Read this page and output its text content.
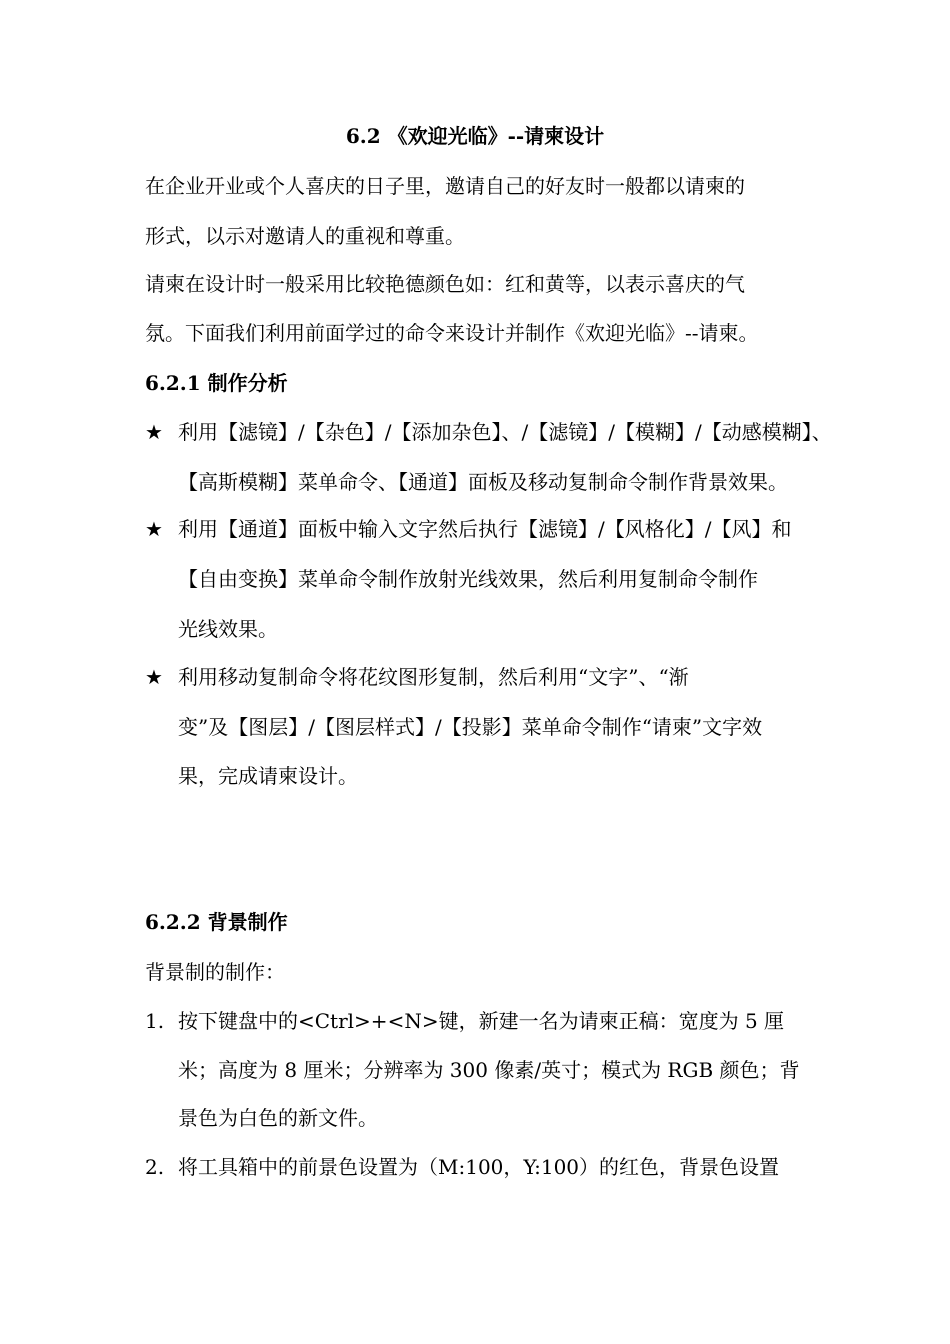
6.2 《欢迎光临》--请柬设计
在企业开业或个人喜庆的日子里，邀请自己的好友时一般都以请柬的
形式，以示对邀请人的重视和尊重。
请柬在设计时一般采用比较艳德颜色如：红和黄等，以表示喜庆的气
氛。下面我们利用前面学过的命令来设计并制作《欢迎光临》--请柬。
6.2.1 制作分析
★ 利用【滤镜】/【杂色】/【添加杂色】、/【滤镜】/【模糊】/【动感模糊】、
【高斯模糊】菜单命令、【通道】面板及移动复制命令制作背景效果。
★ 利用【通道】面板中输入文字然后执行【滤镜】/【风格化】/【风】和
【自由变换】菜单命令制作放射光线效果，然后利用复制命令制作
光线效果。
★ 利用移动复制命令将花纹图形复制，然后利用“文字”、“渐
变”及【图层】/【图层样式】/【投影】菜单命令制作“请柬”文字效
果，完成请柬设计。
6.2.2 背景制作
背景制的制作：
1. 按下键盘中的<Ctrl>+<N>键，新建一名为请柬正稿：宽度为 5 厘
米；高度为 8 厘米；分辨率为 300 像素/英寸；模式为 RGB 颜色；背
景色为白色的新文件。
2. 将工具箱中的前景色设置为（M:100，Y:100）的红色，背景色设置
